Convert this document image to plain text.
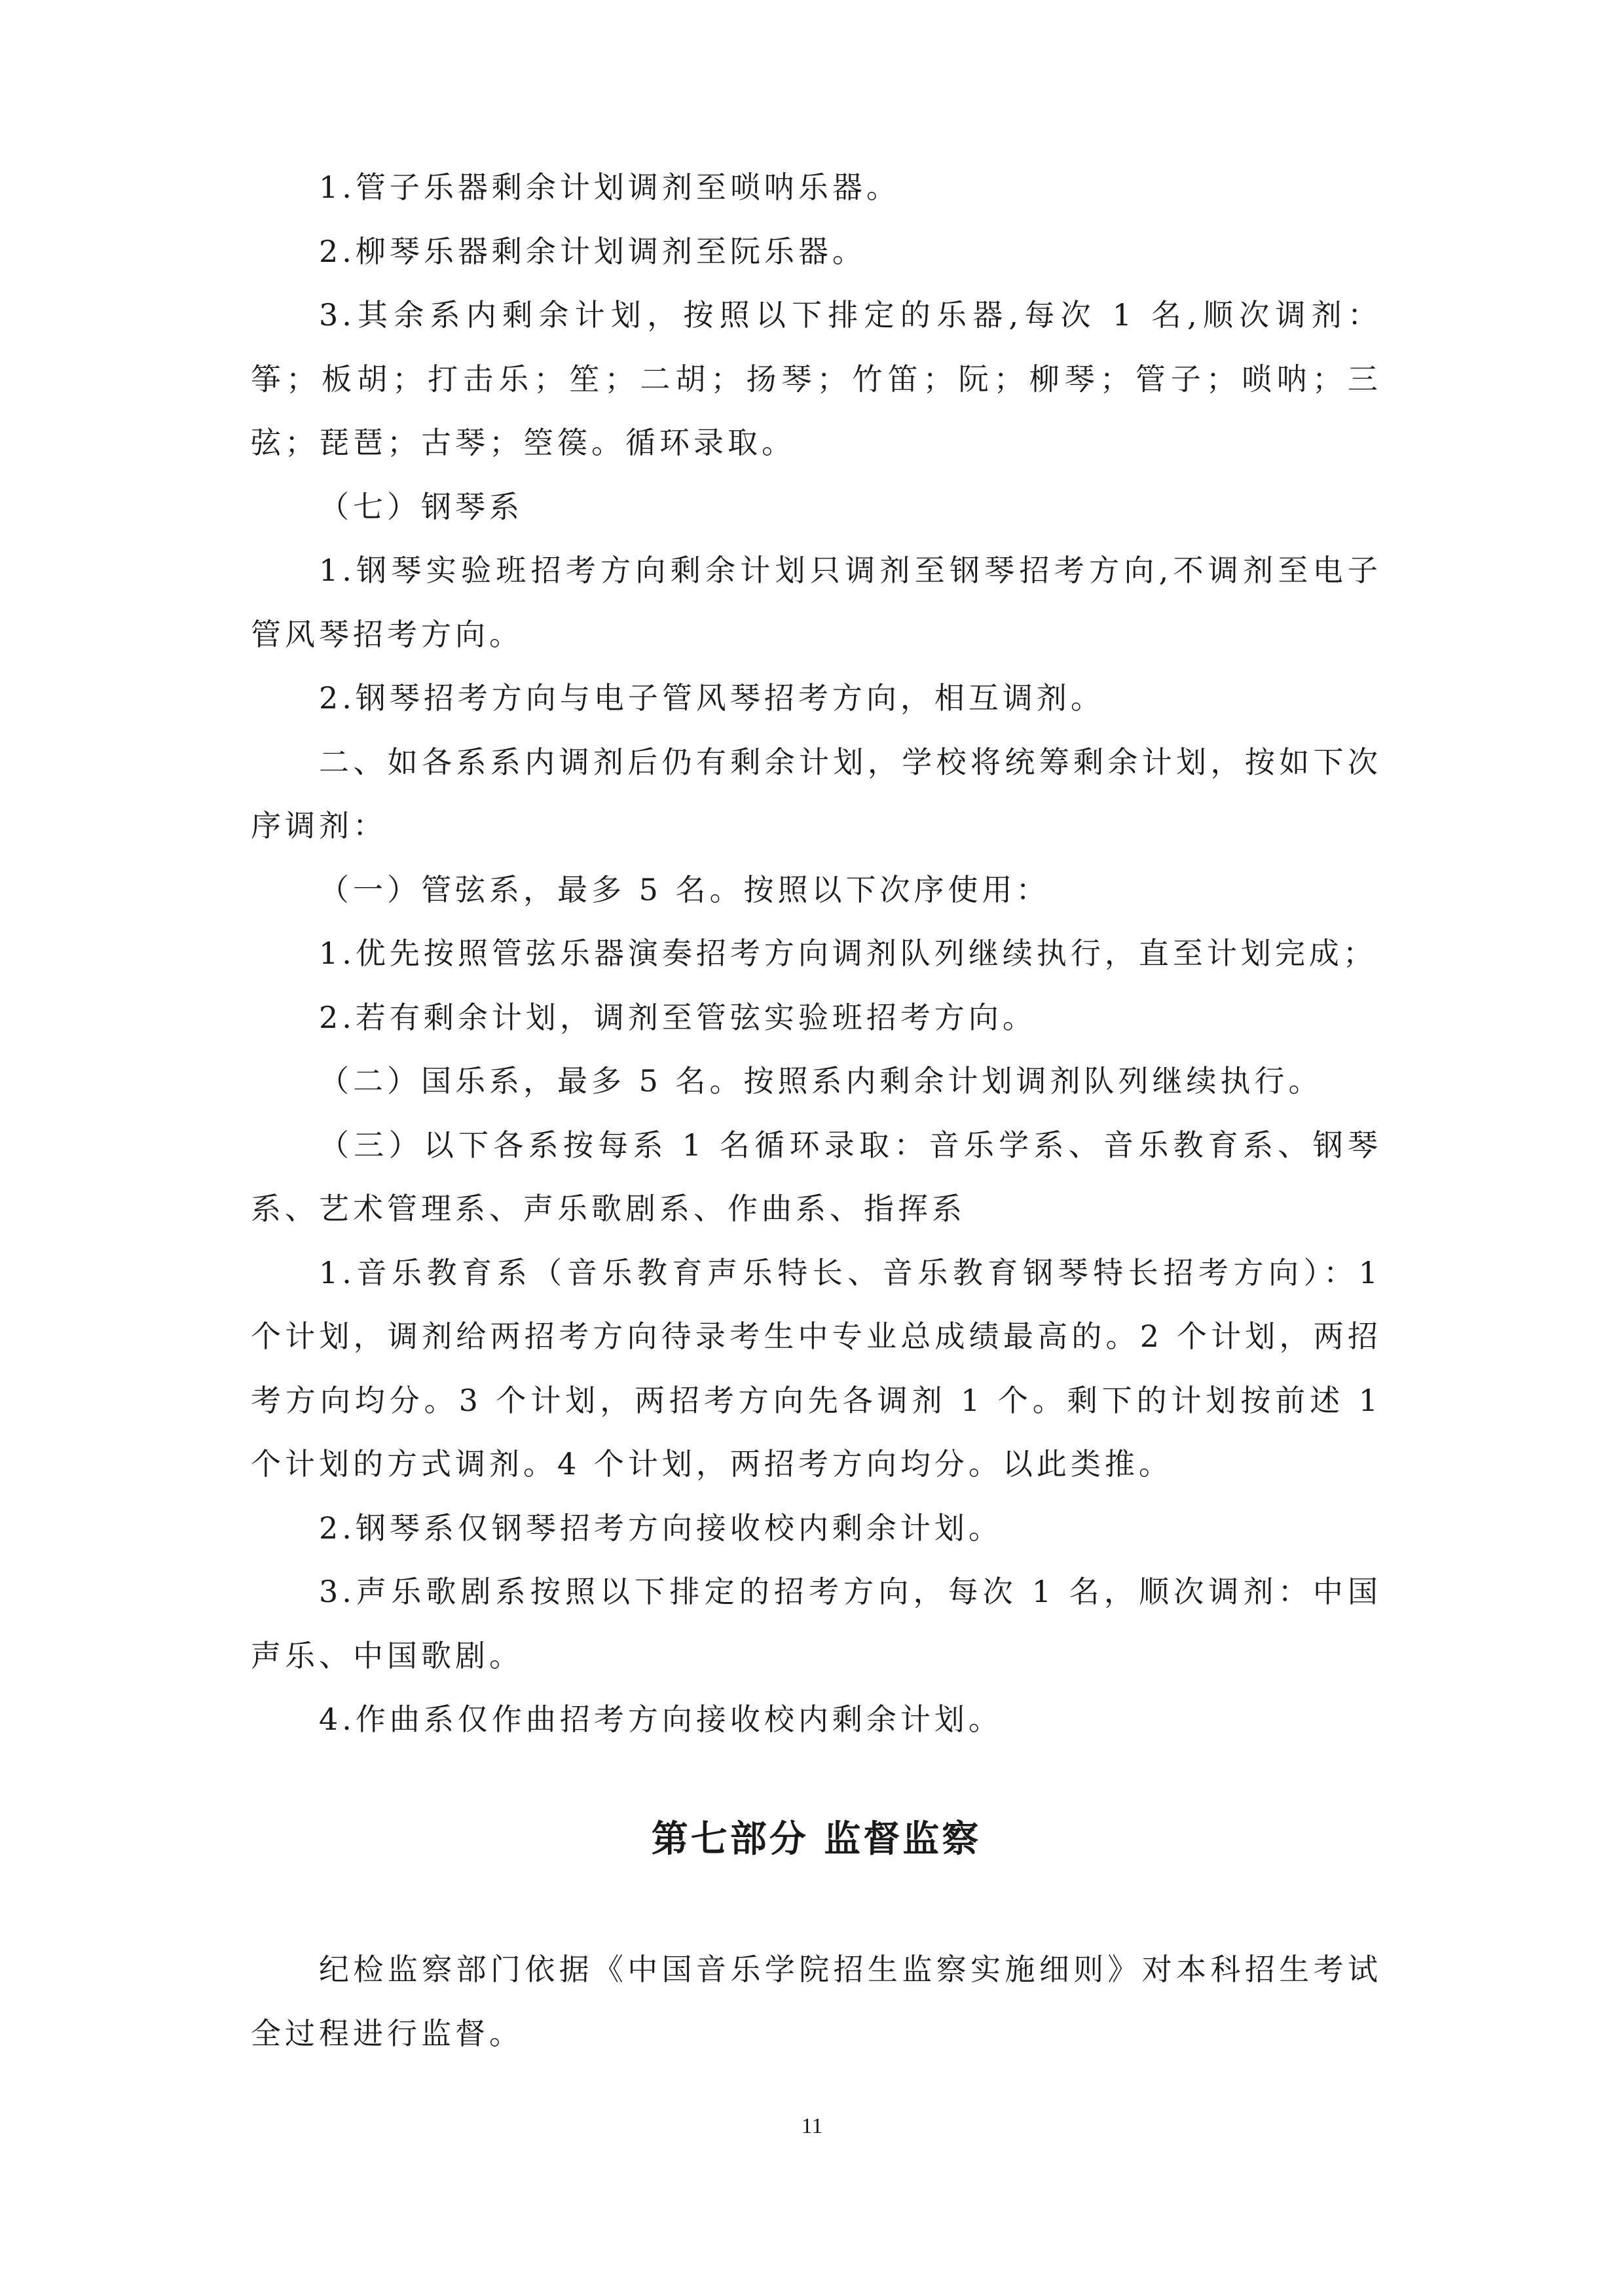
1.管子乐器剩余计划调剂至唢呐乐器。

2.柳琴乐器剩余计划调剂至阮乐器。

3.其余系内剩余计划，按照以下排定的乐器,每次 1 名,顺次调剂：筝；板胡；打击乐；笙；二胡；扬琴；竹笛；阮；柳琴；管子；唢呐；三弦；琵琶；古琴；箜篌。循环录取。

（七）钢琴系

1.钢琴实验班招考方向剩余计划只调剂至钢琴招考方向,不调剂至电子管风琴招考方向。

2.钢琴招考方向与电子管风琴招考方向，相互调剂。

二、如各系系内调剂后仍有剩余计划，学校将统筹剩余计划，按如下次序调剂：

（一）管弦系，最多 5 名。按照以下次序使用：

1.优先按照管弦乐器演奏招考方向调剂队列继续执行，直至计划完成；

2.若有剩余计划，调剂至管弦实验班招考方向。

（二）国乐系，最多 5 名。按照系内剩余计划调剂队列继续执行。

（三）以下各系按每系 1 名循环录取：音乐学系、音乐教育系、钢琴系、艺术管理系、声乐歌剧系、作曲系、指挥系

1.音乐教育系（音乐教育声乐特长、音乐教育钢琴特长招考方向）：1 个计划，调剂给两招考方向待录考生中专业总成绩最高的。2 个计划，两招考方向均分。3 个计划，两招考方向先各调剂 1 个。剩下的计划按前述 1 个计划的方式调剂。4 个计划，两招考方向均分。以此类推。

2.钢琴系仅钢琴招考方向接收校内剩余计划。

3.声乐歌剧系按照以下排定的招考方向，每次 1 名，顺次调剂：中国声乐、中国歌剧。

4.作曲系仅作曲招考方向接收校内剩余计划。

第七部分 监督监察

纪检监察部门依据《中国音乐学院招生监察实施细则》对本科招生考试全过程进行监督。

11
